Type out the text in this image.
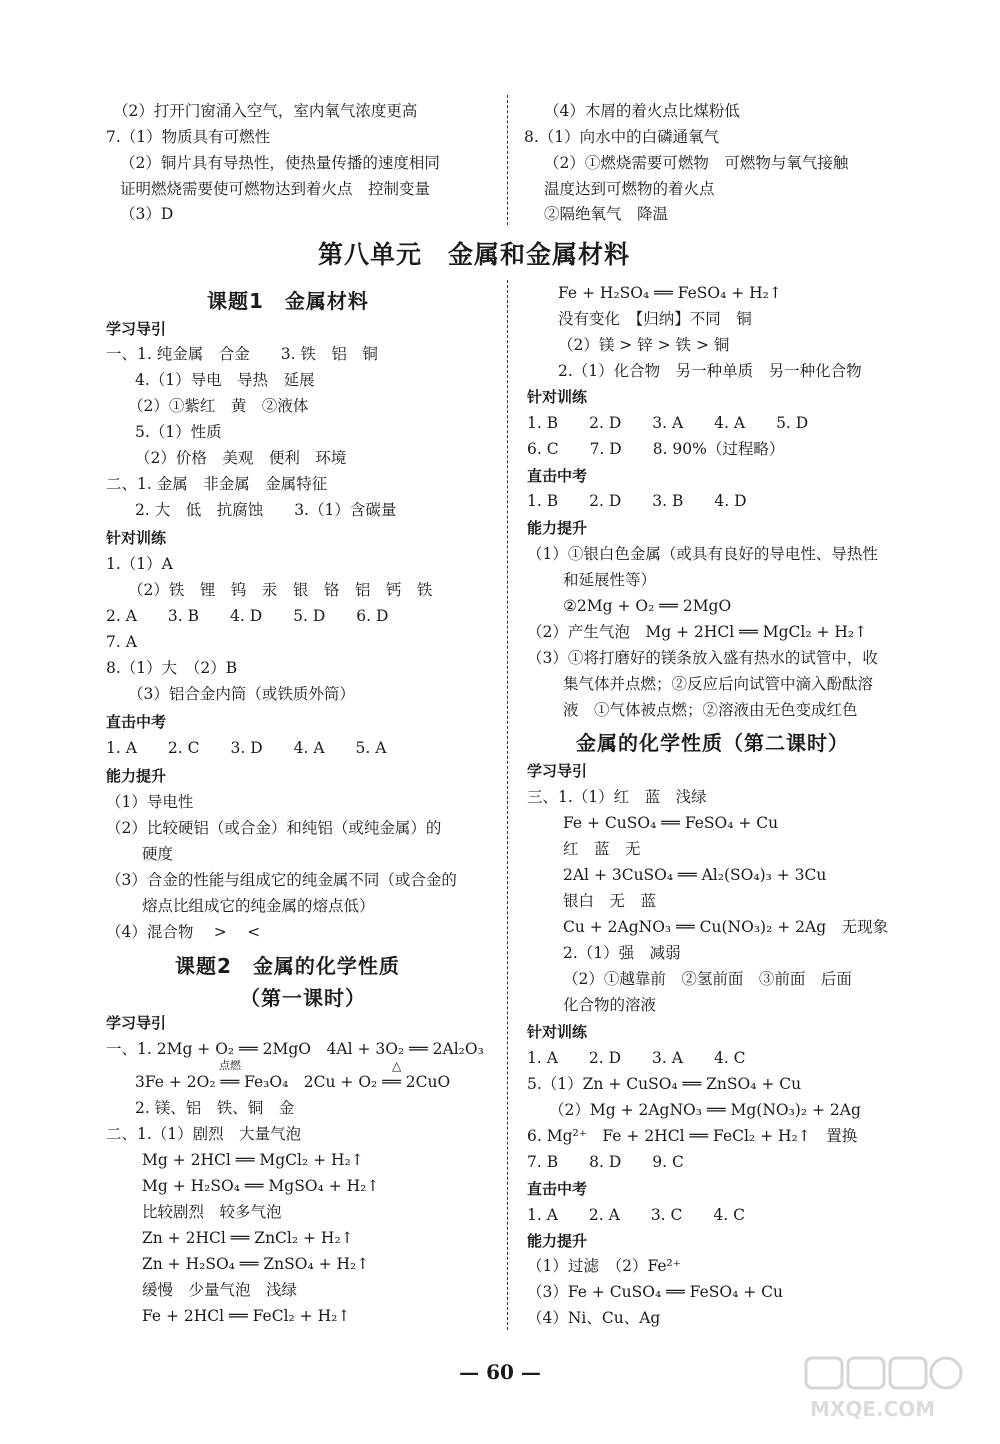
（2）打开门窗涌入空气，室内氧气浓度更高
7.（1）物质具有可燃性
（2）铜片具有导热性，使热量传播的速度相同
证明燃烧需要使可燃物达到着火点　控制变量
（3）D
（4）木屑的着火点比煤粉低
8.（1）向水中的白磷通氧气
（2）①燃烧需要可燃物　可燃物与氧气接触
温度达到可燃物的着火点
②隔绝氧气　降温
第八单元　金属和金属材料
课题1　金属材料
学习导引
一、1. 纯金属　合金　　3. 铁　铝　铜
4.（1）导电　导热　延展
（2）①紫红　黄　②液体
5.（1）性质
（2）价格　美观　便利　环境
二、1. 金属　非金属　金属特征
2. 大　低　抗腐蚀　　3.（1）含碳量
针对训练
1.（1）A
（2）铁　锂　钨　汞　银　铬　铝　钙　铁
2. A　　3. B　　4. D　　5. D　　6. D
7. A
8.（1）大　（2）B
（3）铝合金内筒（或铁质外筒）
直击中考
1. A　　2. C　　3. D　　4. A　　5. A
能力提升
（1）导电性
（2）比较硬铝（或合金）和纯铝（或纯金属）的
硬度
（3）合金的性能与组成它的纯金属不同（或合金的
熔点比组成它的纯金属的熔点低）
（4）混合物　 >　 <
课题2　金属的化学性质
（第一课时）
学习导引
一、1. 2Mg + O₂ ══ 2MgO　4Al + 3O₂ ══ 2Al₂O₃
点燃	△
3Fe + 2O₂ ══ Fe₃O₄　2Cu + O₂ ══ 2CuO
2. 镁、铝　铁、铜　金
二、1.（1）剧烈　大量气泡
Mg + 2HCl ══ MgCl₂ + H₂↑
Mg + H₂SO₄ ══ MgSO₄ + H₂↑
比较剧烈　较多气泡
Zn + 2HCl ══ ZnCl₂ + H₂↑
Zn + H₂SO₄ ══ ZnSO₄ + H₂↑
缓慢　少量气泡　浅绿
Fe + 2HCl ══ FeCl₂ + H₂↑
Fe + H₂SO₄ ══ FeSO₄ + H₂↑
没有变化　【归纳】不同　铜
（2）镁 > 锌 > 铁 > 铜
2.（1）化合物　另一种单质　另一种化合物
针对训练
1. B　　2. D　　3. A　　4. A　　5. D
6. C　　7. D　　8. 90%（过程略）
直击中考
1. B　　2. D　　3. B　　4. D
能力提升
（1）①银白色金属（或具有良好的导电性、导热性
和延展性等）
②2Mg + O₂ ══ 2MgO
（2）产生气泡　Mg + 2HCl ══ MgCl₂ + H₂↑
（3）①将打磨好的镁条放入盛有热水的试管中，收
集气体并点燃；②反应后向试管中滴入酚酞溶
液　①气体被点燃；②溶液由无色变成红色
金属的化学性质（第二课时）
学习导引
三、1.（1）红　蓝　浅绿
Fe + CuSO₄ ══ FeSO₄ + Cu
红　蓝　无
2Al + 3CuSO₄ ══ Al₂(SO₄)₃ + 3Cu
银白　无　蓝
Cu + 2AgNO₃ ══ Cu(NO₃)₂ + 2Ag　无现象
2.（1）强　减弱
（2）①越靠前　②氢前面　③前面　后面
化合物的溶液
针对训练
1. A　　2. D　　3. A　　4. C
5.（1）Zn + CuSO₄ ══ ZnSO₄ + Cu
（2）Mg + 2AgNO₃ ══ Mg(NO₃)₂ + 2Ag
6. Mg²⁺　Fe + 2HCl ══ FeCl₂ + H₂↑　置换
7. B　　8. D　　9. C
直击中考
1. A　　2. A　　3. C　　4. C
能力提升
（1）过滤　（2）Fe²⁺
（3）Fe + CuSO₄ ══ FeSO₄ + Cu
（4）Ni、Cu、Ag
— 60 —
MXQE.COM
